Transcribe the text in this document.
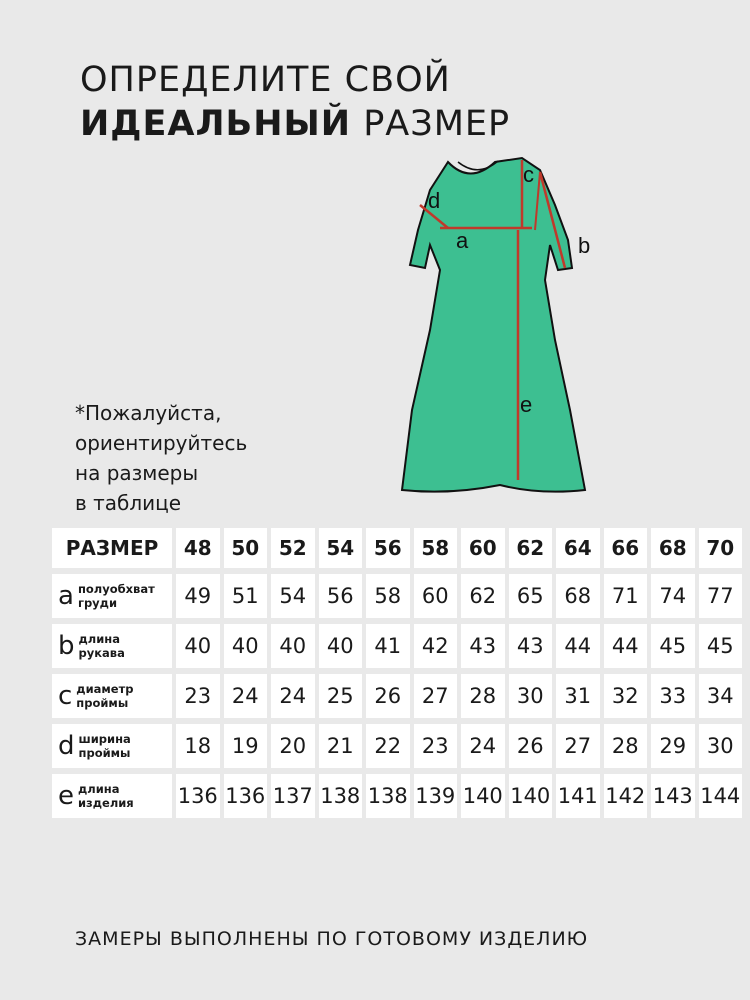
ОПРЕДЕЛИТЕ СВОЙ
ИДЕАЛЬНЫЙ РАЗМЕР
a	b
c
d
e
*Пожалуйста,
ориентируйтесь
на размеры
в таблице
РАЗМЕР	48 50 52 54 56 58 60 62 64 66 68 70
a полуобхват
груди	49 51 54 56 58 60 62 65 68 71 74 77
b длина
рукава	40 40 40 40 41 42 43 43 44 44 45 45
c диаметр
проймы	23 24 24 25 26 27 28 30 31 32 33 34
d ширина
проймы	18 19 20 21 22 23 24 26 27 28 29 30
e длина
изделия 136 136 137 138 138 139 140 140 141 142 143 144
ЗАМЕРЫ ВЫПОЛНЕНЫ ПО ГОТОВОМУ ИЗДЕЛИЮ
